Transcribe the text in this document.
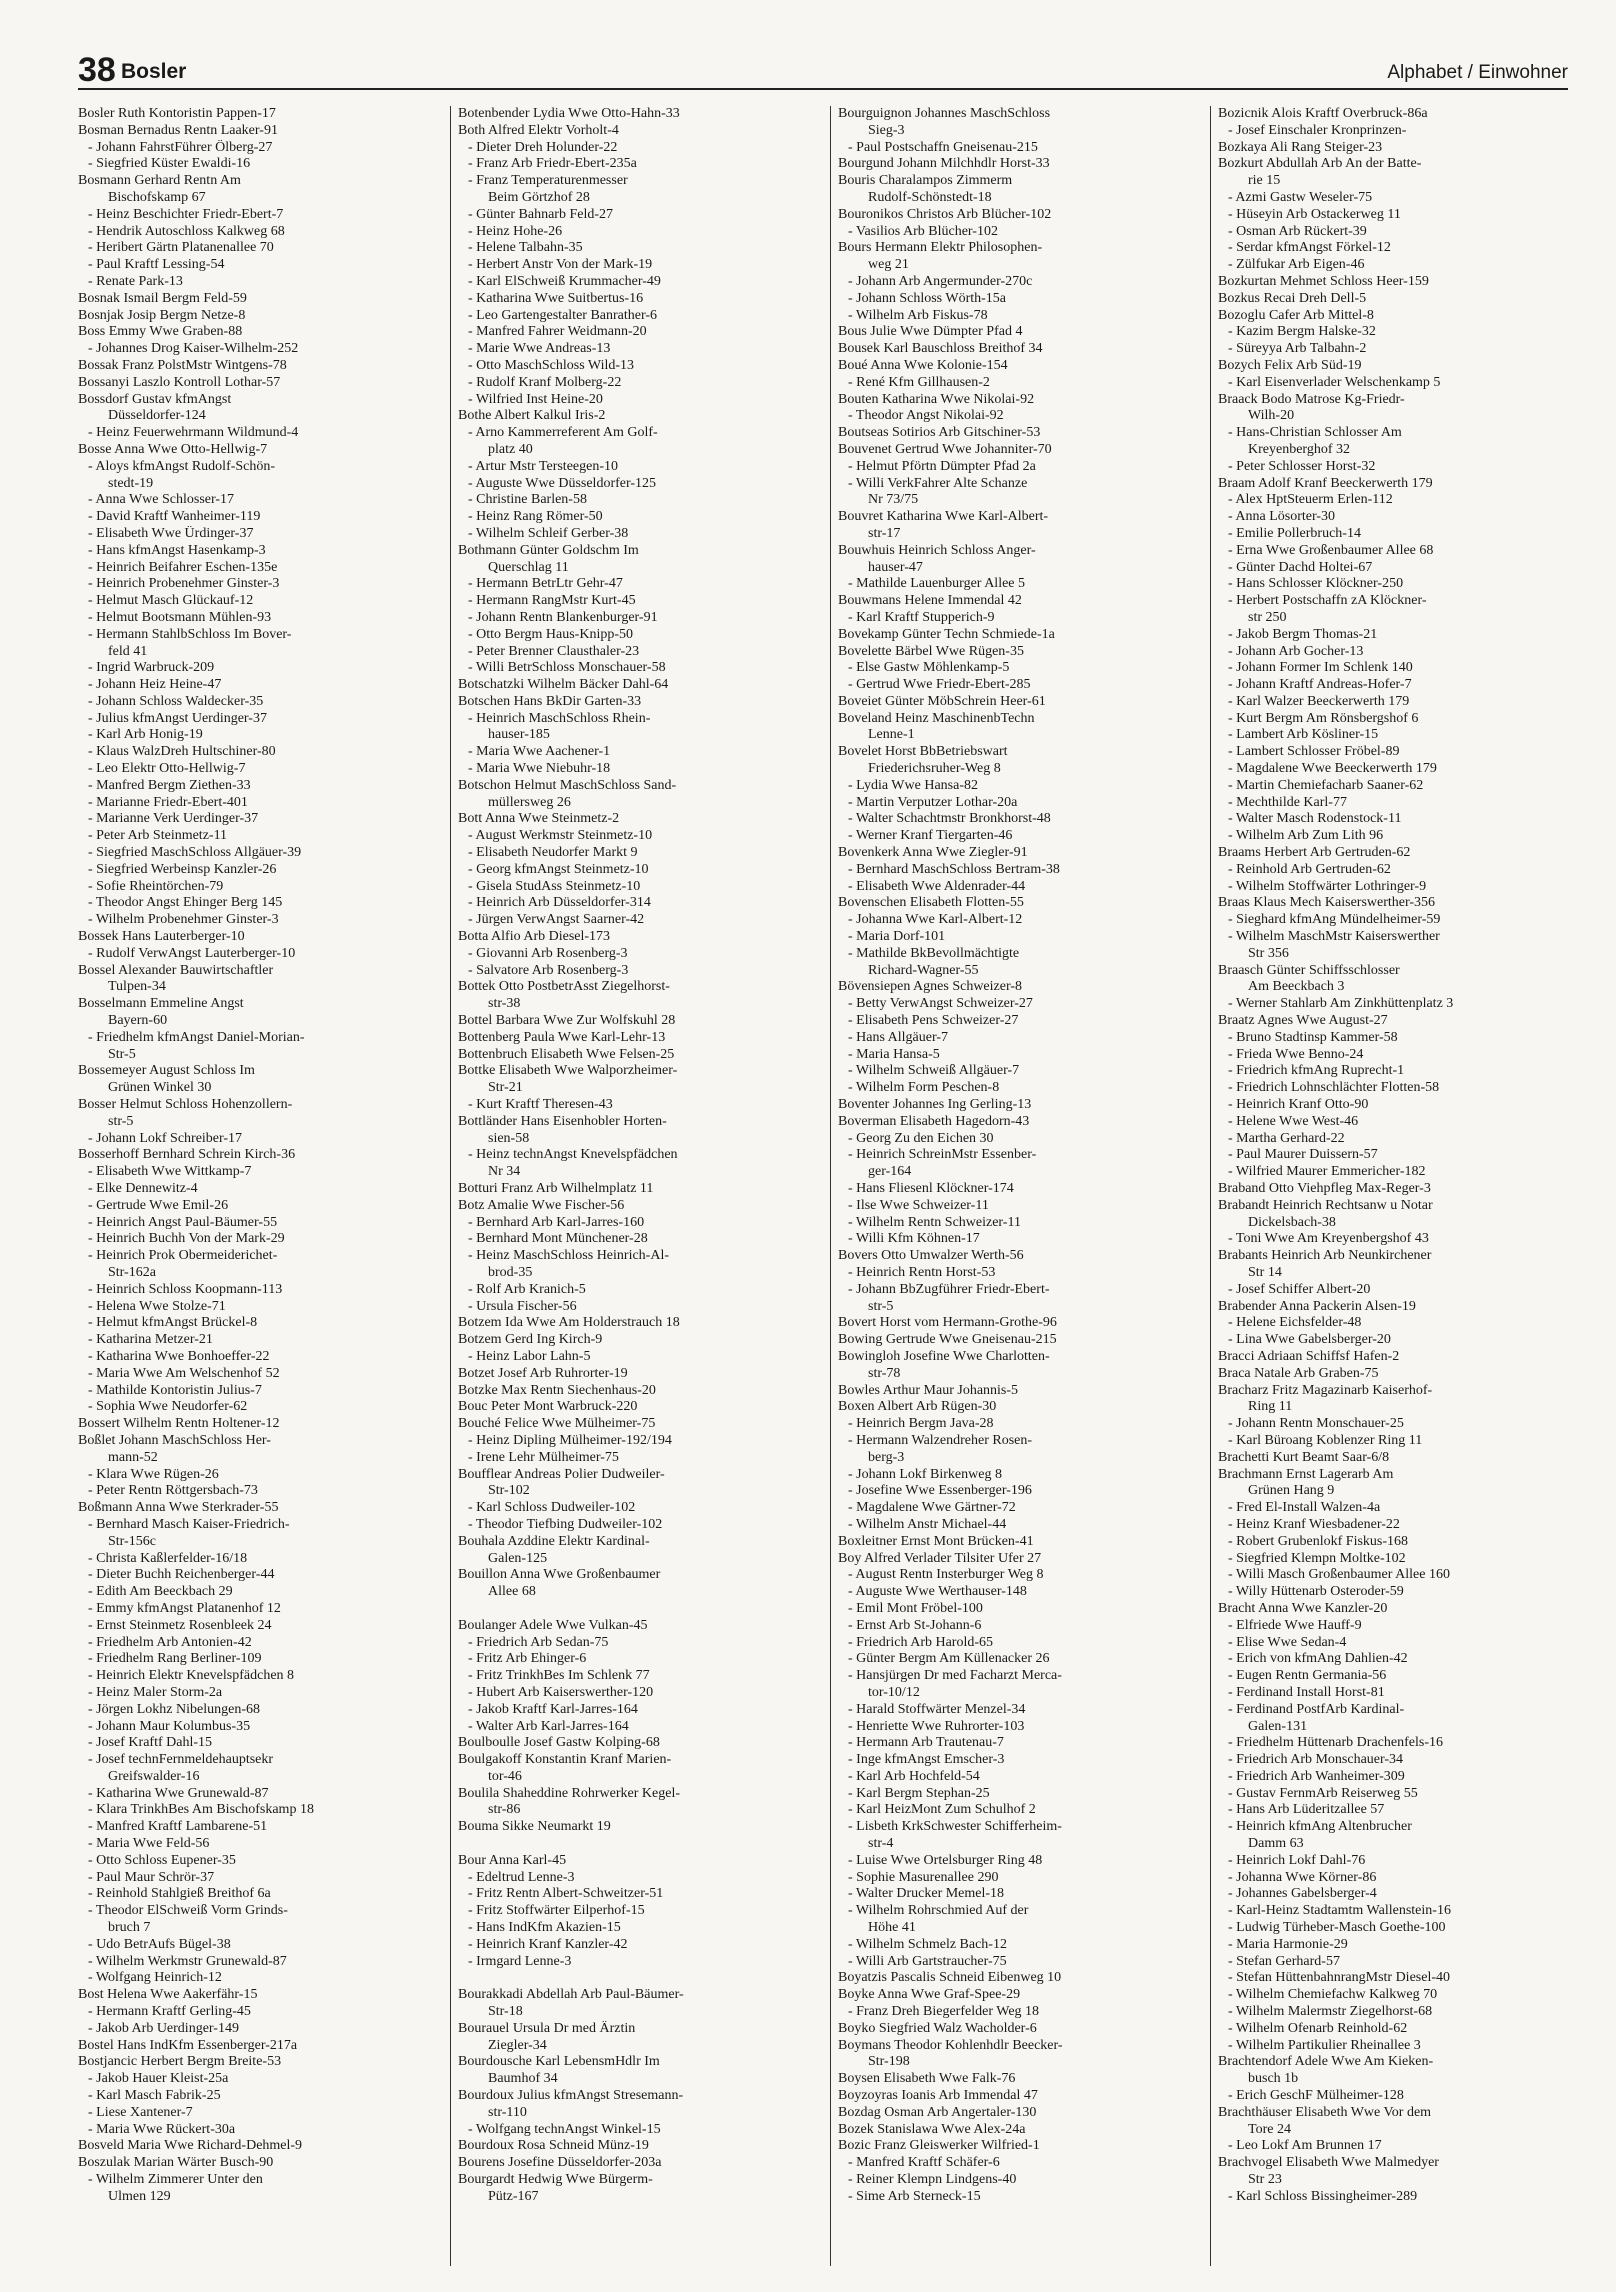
38 Bosler	Alphabet / Einwohner
Bosler Ruth Kontoristin Pappen-17
Bosman Bernadus Rentn Laaker-91
- Johann FahrstFührer Ölberg-27
- Siegfried Küster Ewaldi-16
Bosmann Gerhard Rentn Am
Bischofskamp 67
- Heinz Beschichter Friedr-Ebert-7
- Hendrik Autoschloss Kalkweg 68
- Heribert Gärtn Platanenallee 70
- Paul Kraftf Lessing-54
- Renate Park-13
Bosnak Ismail Bergm Feld-59
Bosnjak Josip Bergm Netze-8
Boss Emmy Wwe Graben-88
- Johannes Drog Kaiser-Wilhelm-252
Bossak Franz PolstMstr Wintgens-78
Bossanyi Laszlo Kontroll Lothar-57
Bossdorf Gustav kfmAngst
Düsseldorfer-124
- Heinz Feuerwehrmann Wildmund-4
Bosse Anna Wwe Otto-Hellwig-7
- Aloys kfmAngst Rudolf-Schön-
stedt-19
- Anna Wwe Schlosser-17
- David Kraftf Wanheimer-119
- Elisabeth Wwe Ürdinger-37
- Hans kfmAngst Hasenkamp-3
- Heinrich Beifahrer Eschen-135e
- Heinrich Probenehmer Ginster-3
- Helmut Masch Glückauf-12
- Helmut Bootsmann Mühlen-93
- Hermann StahlbSchloss Im Bover-
feld 41
- Ingrid Warbruck-209
- Johann Heiz Heine-47
- Johann Schloss Waldecker-35
- Julius kfmAngst Uerdinger-37
- Karl Arb Honig-19
- Klaus WalzDreh Hultschiner-80
- Leo Elektr Otto-Hellwig-7
- Manfred Bergm Ziethen-33
- Marianne Friedr-Ebert-401
- Marianne Verk Uerdinger-37
- Peter Arb Steinmetz-11
- Siegfried MaschSchloss Allgäuer-39
- Siegfried Werbeinsp Kanzler-26
- Sofie Rheintörchen-79
- Theodor Angst Ehinger Berg 145
- Wilhelm Probenehmer Ginster-3
Bossek Hans Lauterberger-10
- Rudolf VerwAngst Lauterberger-10
Bossel Alexander Bauwirtschaftler
Tulpen-34
Bosselmann Emmeline Angst
Bayern-60
- Friedhelm kfmAngst Daniel-Morian-
Str-5
Bossemeyer August Schloss Im
Grünen Winkel 30
Bosser Helmut Schloss Hohenzollern-
str-5
- Johann Lokf Schreiber-17
Bosserhoff Bernhard Schrein Kirch-36
- Elisabeth Wwe Wittkamp-7
- Elke Dennewitz-4
- Gertrude Wwe Emil-26
- Heinrich Angst Paul-Bäumer-55
- Heinrich Buchh Von der Mark-29
- Heinrich Prok Obermeiderichet-
Str-162a
- Heinrich Schloss Koopmann-113
- Helena Wwe Stolze-71
- Helmut kfmAngst Brückel-8
- Katharina Metzer-21
- Katharina Wwe Bonhoeffer-22
- Maria Wwe Am Welschenhof 52
- Mathilde Kontoristin Julius-7
- Sophia Wwe Neudorfer-62
Bossert Wilhelm Rentn Holtener-12
Boßlet Johann MaschSchloss Her-
mann-52
- Klara Wwe Rügen-26
- Peter Rentn Röttgersbach-73
Boßmann Anna Wwe Sterkrader-55
- Bernhard Masch Kaiser-Friedrich-
Str-156c
- Christa Kaßlerfelder-16/18
- Dieter Buchh Reichenberger-44
- Edith Am Beeckbach 29
- Emmy kfmAngst Platanenhof 12
- Ernst Steinmetz Rosenbleek 24
- Friedhelm Arb Antonien-42
- Friedhelm Rang Berliner-109
- Heinrich Elektr Knevelspfädchen 8
- Heinz Maler Storm-2a
- Jörgen Lokhz Nibelungen-68
- Johann Maur Kolumbus-35
- Josef Kraftf Dahl-15
- Josef technFernmeldehauptsekr
Greifswalder-16
- Katharina Wwe Grunewald-87
- Klara TrinkhBes Am Bischofskamp 18
- Manfred Kraftf Lambarene-51
- Maria Wwe Feld-56
- Otto Schloss Eupener-35
- Paul Maur Schrör-37
- Reinhold Stahlgieß Breithof 6a
- Theodor ElSchweiß Vorm Grinds-
bruch 7
- Udo BetrAufs Bügel-38
- Wilhelm Werkmstr Grunewald-87
- Wolfgang Heinrich-12
Bost Helena Wwe Aakerfähr-15
- Hermann Kraftf Gerling-45
- Jakob Arb Uerdinger-149
Bostel Hans IndKfm Essenberger-217a
Bostjancic Herbert Bergm Breite-53
- Jakob Hauer Kleist-25a
- Karl Masch Fabrik-25
- Liese Xantener-7
- Maria Wwe Rückert-30a
Bosveld Maria Wwe Richard-Dehmel-9
Boszulak Marian Wärter Busch-90
- Wilhelm Zimmerer Unter den
Ulmen 129
Botenbender Lydia Wwe Otto-Hahn-33
Both Alfred Elektr Vorholt-4
- Dieter Dreh Holunder-22
- Franz Arb Friedr-Ebert-235a
- Franz Temperaturenmesser
Beim Görtzhof 28
- Günter Bahnarb Feld-27
- Heinz Hohe-26
- Helene Talbahn-35
- Herbert Anstr Von der Mark-19
- Karl ElSchweiß Krummacher-49
- Katharina Wwe Suitbertus-16
- Leo Gartengestalter Banrather-6
- Manfred Fahrer Weidmann-20
- Marie Wwe Andreas-13
- Otto MaschSchloss Wild-13
- Rudolf Kranf Molberg-22
- Wilfried Inst Heine-20
Bothe Albert Kalkul Iris-2
- Arno Kammerreferent Am Golf-
platz 40
- Artur Mstr Tersteegen-10
- Auguste Wwe Düsseldorfer-125
- Christine Barlen-58
- Heinz Rang Römer-50
- Wilhelm Schleif Gerber-38
Bothmann Günter Goldschm Im
Querschlag 11
- Hermann BetrLtr Gehr-47
- Hermann RangMstr Kurt-45
- Johann Rentn Blankenburger-91
- Otto Bergm Haus-Knipp-50
- Peter Brenner Clausthaler-23
- Willi BetrSchloss Monschauer-58
Botschatzki Wilhelm Bäcker Dahl-64
Botschen Hans BkDir Garten-33
- Heinrich MaschSchloss Rhein-
hauser-185
- Maria Wwe Aachener-1
- Maria Wwe Niebuhr-18
Botschon Helmut MaschSchloss Sand-
müllersweg 26
Bott Anna Wwe Steinmetz-2
- August Werkmstr Steinmetz-10
- Elisabeth Neudorfer Markt 9
- Georg kfmAngst Steinmetz-10
- Gisela StudAss Steinmetz-10
- Heinrich Arb Düsseldorfer-314
- Jürgen VerwAngst Saarner-42
Botta Alfio Arb Diesel-173
- Giovanni Arb Rosenberg-3
- Salvatore Arb Rosenberg-3
Bottek Otto PostbetrAsst Ziegelhorst-
str-38
Bottel Barbara Wwe Zur Wolfskuhl 28
Bottenberg Paula Wwe Karl-Lehr-13
Bottenbruch Elisabeth Wwe Felsen-25
Bottke Elisabeth Wwe Walporzheimer-
Str-21
- Kurt Kraftf Theresen-43
Bottländer Hans Eisenhobler Horten-
sien-58
- Heinz technAngst Knevelspfädchen
Nr 34
Botturi Franz Arb Wilhelmplatz 11
Botz Amalie Wwe Fischer-56
- Bernhard Arb Karl-Jarres-160
- Bernhard Mont Münchener-28
- Heinz MaschSchloss Heinrich-Al-
brod-35
- Rolf Arb Kranich-5
- Ursula Fischer-56
Botzem Ida Wwe Am Holderstrauch 18
Botzem Gerd Ing Kirch-9
- Heinz Labor Lahn-5
Botzet Josef Arb Ruhrorter-19
Botzke Max Rentn Siechenhaus-20
Bouc Peter Mont Warbruck-220
Bouché Felice Wwe Mülheimer-75
- Heinz Dipling Mülheimer-192/194
- Irene Lehr Mülheimer-75
Boufflear Andreas Polier Dudweiler-
Str-102
- Karl Schloss Dudweiler-102
- Theodor Tiefbing Dudweiler-102
Bouhala Azddine Elektr Kardinal-
Galen-125
Bouillon Anna Wwe Großenbaumer
Allee 68

Boulanger Adele Wwe Vulkan-45
- Friedrich Arb Sedan-75
- Fritz Arb Ehinger-6
- Fritz TrinkhBes Im Schlenk 77
- Hubert Arb Kaiserswerther-120
- Jakob Kraftf Karl-Jarres-164
- Walter Arb Karl-Jarres-164
Boulboulle Josef Gastw Kolping-68
Boulgakoff Konstantin Kranf Marien-
tor-46
Boulila Shaheddine Rohrwerker Kegel-
str-86
Bouma Sikke Neumarkt 19

Bour Anna Karl-45
- Edeltrud Lenne-3
- Fritz Rentn Albert-Schweitzer-51
- Fritz Stoffwärter Eilperhof-15
- Hans IndKfm Akazien-15
- Heinrich Kranf Kanzler-42
- Irmgard Lenne-3

Bourakkadi Abdellah Arb Paul-Bäumer-
Str-18
Bourauel Ursula Dr med Ärztin
Ziegler-34
Bourdousche Karl LebensmHdlr Im
Baumhof 34
Bourdoux Julius kfmAngst Stresemann-
str-110
- Wolfgang technAngst Winkel-15
Bourdoux Rosa Schneid Münz-19
Bourens Josefine Düsseldorfer-203a
Bourgardt Hedwig Wwe Bürgerm-
Pütz-167
Bourguignon Johannes MaschSchloss
Sieg-3
- Paul Postschaffn Gneisenau-215
Bourgund Johann Milchhdlr Horst-33
Bouris Charalampos Zimmerm
Rudolf-Schönstedt-18
Bouronikos Christos Arb Blücher-102
- Vasilios Arb Blücher-102
Bours Hermann Elektr Philosophen-
weg 21
- Johann Arb Angermunder-270c
- Johann Schloss Wörth-15a
- Wilhelm Arb Fiskus-78
Bous Julie Wwe Dümpter Pfad 4
Bousek Karl Bauschloss Breithof 34
Boué Anna Wwe Kolonie-154
- René Kfm Gillhausen-2
Bouten Katharina Wwe Nikolai-92
- Theodor Angst Nikolai-92
Boutseas Sotirios Arb Gitschiner-53
Bouvenet Gertrud Wwe Johanniter-70
- Helmut Pförtn Dümpter Pfad 2a
- Willi VerkFahrer Alte Schanze
Nr 73/75
Bouvret Katharina Wwe Karl-Albert-
str-17
Bouwhuis Heinrich Schloss Anger-
hauser-47
- Mathilde Lauenburger Allee 5
Bouwmans Helene Immendal 42
- Karl Kraftf Stupperich-9
Bovekamp Günter Techn Schmiede-1a
Bovelette Bärbel Wwe Rügen-35
- Else Gastw Möhlenkamp-5
- Gertrud Wwe Friedr-Ebert-285
Boveiet Günter MöbSchrein Heer-61
Boveland Heinz MaschinenbTechn
Lenne-1
Bovelet Horst BbBetriebswart
Friederichsruher-Weg 8
- Lydia Wwe Hansa-82
- Martin Verputzer Lothar-20a
- Walter Schachtmstr Bronkhorst-48
- Werner Kranf Tiergarten-46
Bovenkerk Anna Wwe Ziegler-91
- Bernhard MaschSchloss Bertram-38
- Elisabeth Wwe Aldenrader-44
Bovenschen Elisabeth Flotten-55
- Johanna Wwe Karl-Albert-12
- Maria Dorf-101
- Mathilde BkBevollmächtigte
Richard-Wagner-55
Bövensiepen Agnes Schweizer-8
- Betty VerwAngst Schweizer-27
- Elisabeth Pens Schweizer-27
- Hans Allgäuer-7
- Maria Hansa-5
- Wilhelm Schweiß Allgäuer-7
- Wilhelm Form Peschen-8
Boventer Johannes Ing Gerling-13
Boverman Elisabeth Hagedorn-43
- Georg Zu den Eichen 30
- Heinrich SchreinMstr Essenber-
ger-164
- Hans Fliesenl Klöckner-174
- Ilse Wwe Schweizer-11
- Wilhelm Rentn Schweizer-11
- Willi Kfm Köhnen-17
Bovers Otto Umwalzer Werth-56
- Heinrich Rentn Horst-53
- Johann BbZugführer Friedr-Ebert-
str-5
Bovert Horst vom Hermann-Grothe-96
Bowing Gertrude Wwe Gneisenau-215
Bowingloh Josefine Wwe Charlotten-
str-78
Bowles Arthur Maur Johannis-5
Boxen Albert Arb Rügen-30
- Heinrich Bergm Java-28
- Hermann Walzendreher Rosen-
berg-3
- Johann Lokf Birkenweg 8
- Josefine Wwe Essenberger-196
- Magdalene Wwe Gärtner-72
- Wilhelm Anstr Michael-44
Boxleitner Ernst Mont Brücken-41
Boy Alfred Verlader Tilsiter Ufer 27
- August Rentn Insterburger Weg 8
- Auguste Wwe Werthauser-148
- Emil Mont Fröbel-100
- Ernst Arb St-Johann-6
- Friedrich Arb Harold-65
- Günter Bergm Am Küllenacker 26
- Hansjürgen Dr med Facharzt Merca-
tor-10/12
- Harald Stoffwärter Menzel-34
- Henriette Wwe Ruhrorter-103
- Hermann Arb Trautenau-7
- Inge kfmAngst Emscher-3
- Karl Arb Hochfeld-54
- Karl Bergm Stephan-25
- Karl HeizMont Zum Schulhof 2
- Lisbeth KrkSchwester Schifferheim-
str-4
- Luise Wwe Ortelsburger Ring 48
- Sophie Masurenallee 290
- Walter Drucker Memel-18
- Wilhelm Rohrschmied Auf der
Höhe 41
- Wilhelm Schmelz Bach-12
- Willi Arb Gartstraucher-75
Boyatzis Pascalis Schneid Eibenweg 10
Boyke Anna Wwe Graf-Spee-29
- Franz Dreh Biegerfelder Weg 18
Boyko Siegfried Walz Wacholder-6
Boymans Theodor Kohlenhdlr Beecker-
Str-198
Boysen Elisabeth Wwe Falk-76
Boyzoyras Ioanis Arb Immendal 47
Bozdag Osman Arb Angertaler-130
Bozek Stanislawa Wwe Alex-24a
Bozic Franz Gleiswerker Wilfried-1
- Manfred Kraftf Schäfer-6
- Reiner Klempn Lindgens-40
- Sime Arb Sterneck-15
Bozicnik Alois Kraftf Overbruck-86a
- Josef Einschaler Kronprinzen-
Bozkaya Ali Rang Steiger-23
Bozkurt Abdullah Arb An der Batte-
rie 15
- Azmi Gastw Weseler-75
- Hüseyin Arb Ostackerweg 11
- Osman Arb Rückert-39
- Serdar kfmAngst Förkel-12
- Zülfukar Arb Eigen-46
Bozkurtan Mehmet Schloss Heer-159
Bozkus Recai Dreh Dell-5
Bozoglu Cafer Arb Mittel-8
- Kazim Bergm Halske-32
- Süreyya Arb Talbahn-2
Bozych Felix Arb Süd-19
- Karl Eisenverlader Welschenkamp 5
Braack Bodo Matrose Kg-Friedr-
Wilh-20
- Hans-Christian Schlosser Am
Kreyenberghof 32
- Peter Schlosser Horst-32
Braam Adolf Kranf Beeckerwerth 179
- Alex HptSteuerm Erlen-112
- Anna Lösorter-30
- Emilie Pollerbruch-14
- Erna Wwe Großenbaumer Allee 68
- Günter Dachd Holtei-67
- Hans Schlosser Klöckner-250
- Herbert Postschaffn zA Klöckner-
str 250
- Jakob Bergm Thomas-21
- Johann Arb Gocher-13
- Johann Former Im Schlenk 140
- Johann Kraftf Andreas-Hofer-7
- Karl Walzer Beeckerwerth 179
- Kurt Bergm Am Rönsbergshof 6
- Lambert Arb Kösliner-15
- Lambert Schlosser Fröbel-89
- Magdalene Wwe Beeckerwerth 179
- Martin Chemiefacharb Saaner-62
- Mechthilde Karl-77
- Walter Masch Rodenstock-11
- Wilhelm Arb Zum Lith 96
Braams Herbert Arb Gertruden-62
- Reinhold Arb Gertruden-62
- Wilhelm Stoffwärter Lothringer-9
Braas Klaus Mech Kaiserswerther-356
- Sieghard kfmAng Mündelheimer-59
- Wilhelm MaschMstr Kaiserswerther
Str 356
Braasch Günter Schiffsschlosser
Am Beeckbach 3
- Werner Stahlarb Am Zinkhüttenplatz 3
Braatz Agnes Wwe August-27
- Bruno Stadtinsp Kammer-58
- Frieda Wwe Benno-24
- Friedrich kfmAng Ruprecht-1
- Friedrich Lohnschlächter Flotten-58
- Heinrich Kranf Otto-90
- Helene Wwe West-46
- Martha Gerhard-22
- Paul Maurer Duissern-57
- Wilfried Maurer Emmericher-182
Braband Otto Viehpfleg Max-Reger-3
Brabandt Heinrich Rechtsanw u Notar
Dickelsbach-38
- Toni Wwe Am Kreyenbergshof 43
Brabants Heinrich Arb Neunkirchener
Str 14
- Josef Schiffer Albert-20
Brabender Anna Packerin Alsen-19
- Helene Eichsfelder-48
- Lina Wwe Gabelsberger-20
Bracci Adriaan Schiffsf Hafen-2
Braca Natale Arb Graben-75
Bracharz Fritz Magazinarb Kaiserhof-
Ring 11
- Johann Rentn Monschauer-25
- Karl Büroang Koblenzer Ring 11
Brachetti Kurt Beamt Saar-6/8
Brachmann Ernst Lagerarb Am
Grünen Hang 9
- Fred El-Install Walzen-4a
- Heinz Kranf Wiesbadener-22
- Robert Grubenlokf Fiskus-168
- Siegfried Klempn Moltke-102
- Willi Masch Großenbaumer Allee 160
- Willy Hüttenarb Osteroder-59
Bracht Anna Wwe Kanzler-20
- Elfriede Wwe Hauff-9
- Elise Wwe Sedan-4
- Erich von kfmAng Dahlien-42
- Eugen Rentn Germania-56
- Ferdinand Install Horst-81
- Ferdinand PostfArb Kardinal-
Galen-131
- Friedhelm Hüttenarb Drachenfels-16
- Friedrich Arb Monschauer-34
- Friedrich Arb Wanheimer-309
- Gustav FernmArb Reiserweg 55
- Hans Arb Lüderitzallee 57
- Heinrich kfmAng Altenbrucher
Damm 63
- Heinrich Lokf Dahl-76
- Johanna Wwe Körner-86
- Johannes Gabelsberger-4
- Karl-Heinz Stadtamtm Wallenstein-16
- Ludwig Türheber-Masch Goethe-100
- Maria Harmonie-29
- Stefan Gerhard-57
- Stefan HüttenbahnrangMstr Diesel-40
- Wilhelm Chemiefachw Kalkweg 70
- Wilhelm Malermstr Ziegelhorst-68
- Wilhelm Ofenarb Reinhold-62
- Wilhelm Partikulier Rheinallee 3
Brachtendorf Adele Wwe Am Kieken-
busch 1b
- Erich GeschF Mülheimer-128
Brachthäuser Elisabeth Wwe Vor dem
Tore 24
- Leo Lokf Am Brunnen 17
Brachvogel Elisabeth Wwe Malmedyer
Str 23
- Karl Schloss Bissingheimer-289
